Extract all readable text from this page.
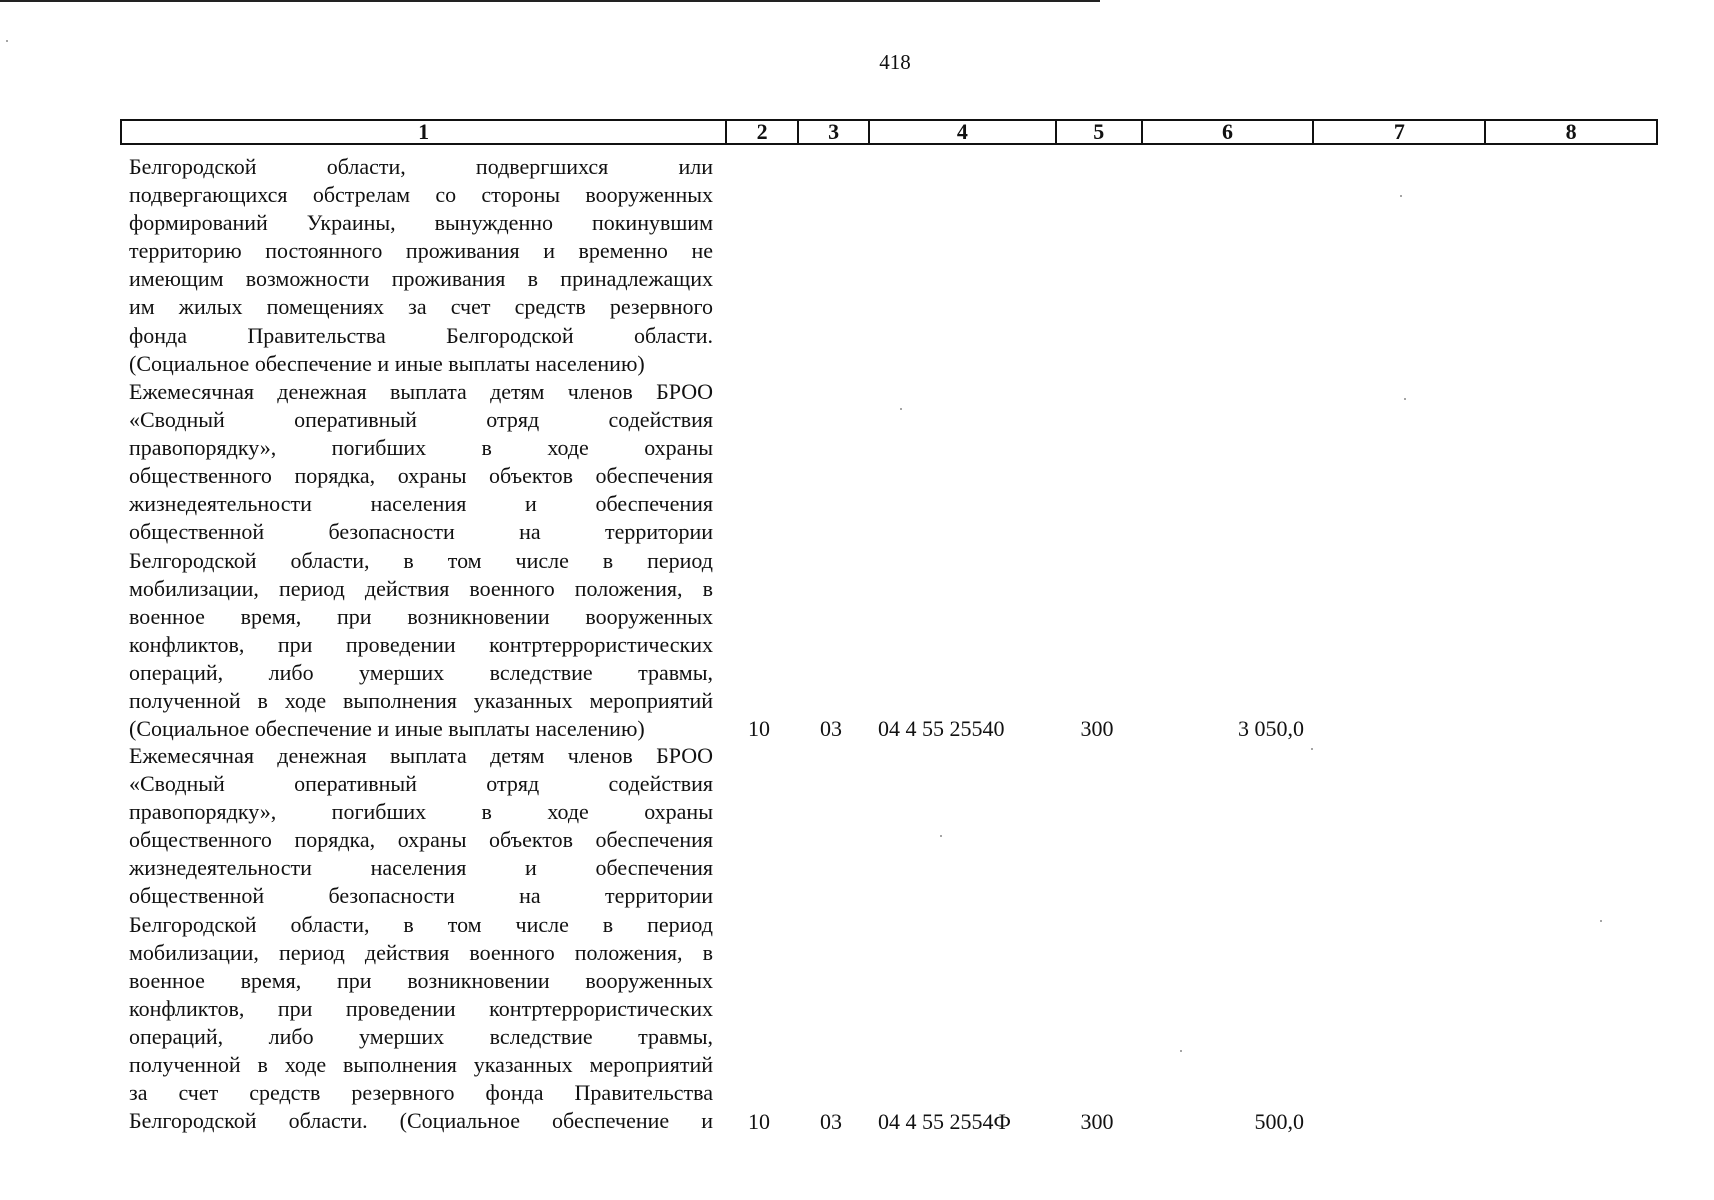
418
1	2	3	4	5	6	7	8
Белгородской области, подвергшихся или
подвергающихся обстрелам со стороны вооруженных
формирований Украины, вынужденно покинувшим
территорию постоянного проживания и временно не
имеющим возможности проживания в принадлежащих
им жилых помещениях за счет средств резервного
фонда Правительства Белгородской области.
(Социальное обеспечение и иные выплаты населению)
Ежемесячная денежная выплата детям членов БРОО
«Сводный оперативный отряд содействия
правопорядку», погибших в ходе охраны
общественного порядка, охраны объектов обеспечения
жизнедеятельности населения и обеспечения
общественной безопасности на территории
Белгородской области, в том числе в период
мобилизации, период действия военного положения, в
военное время, при возникновении вооруженных
конфликтов, при проведении контртеррористических
операций, либо умерших вследствие травмы,
полученной в ходе выполнения указанных мероприятий
(Социальное обеспечение и иные выплаты населению)	10	03	04 4 55 25540	300	3 050,0
Ежемесячная денежная выплата детям членов БРОО
«Сводный оперативный отряд содействия
правопорядку», погибших в ходе охраны
общественного порядка, охраны объектов обеспечения
жизнедеятельности населения и обеспечения
общественной безопасности на территории
Белгородской области, в том числе в период
мобилизации, период действия военного положения, в
военное время, при возникновении вооруженных
конфликтов, при проведении контртеррористических
операций, либо умерших вследствие травмы,
полученной в ходе выполнения указанных мероприятий
за счет средств резервного фонда Правительства
Белгородской области. (Социальное обеспечение и	10	03	04 4 55 2554Ф	300	500,0
